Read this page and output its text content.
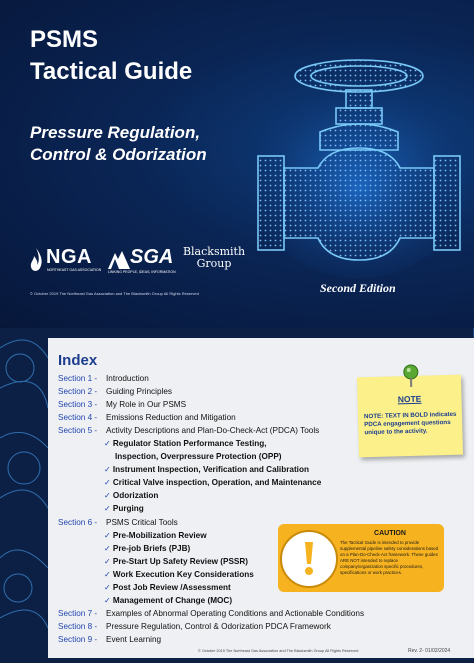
PSMS
Tactical Guide
Pressure Regulation,
Control & Odorization
NGA
NORTHEAST GAS ASSOCIATION
SGA
LINKING PEOPLE, IDEAS, INFORMATION
Blacksmith
Group
Second Edition
© October 2019 The Northeast Gas Association and The Blacksmith Group All Rights Reserved
Index
Section 1 - Introduction
Section 2 - Guiding Principles
Section 3 - My Role in Our PSMS
Section 4 - Emissions Reduction and Mitigation
Section 5 - Activity Descriptions and Plan-Do-Check-Act (PDCA) Tools
✓ Regulator Station Performance Testing,
Inspection, Overpressure Protection (OPP)
✓ Instrument Inspection, Verification and Calibration
✓ Critical Valve inspection, Operation, and Maintenance
✓ Odorization
✓ Purging
Section 6 - PSMS Critical Tools
✓ Pre-Mobilization Review
✓ Pre-job Briefs (PJB)
✓ Pre-Start Up Safety Review (PSSR)
✓ Work Execution Key Considerations
✓ Post Job Review /Assessment
✓ Management of Change (MOC)
Section 7 - Examples of Abnormal Operating Conditions and Actionable Conditions
Section 8 - Pressure Regulation, Control & Odorization PDCA Framework
Section 9 - Event Learning
NOTE
NOTE: TEXT IN BOLD indicates PDCA engagement questions unique to the activity.
CAUTION
The Tactical Guide is intended to provide supplemental pipeline safety considerations based on a Plan-Do-Check-Act framework. These guides ARE NOT intended to replace company/organization specific procedures, specifications or work practices.
© October 2019 The Northeast Gas Association and The Blacksmith Group All Rights Reserved	Rev. 2- 01/02/2024
